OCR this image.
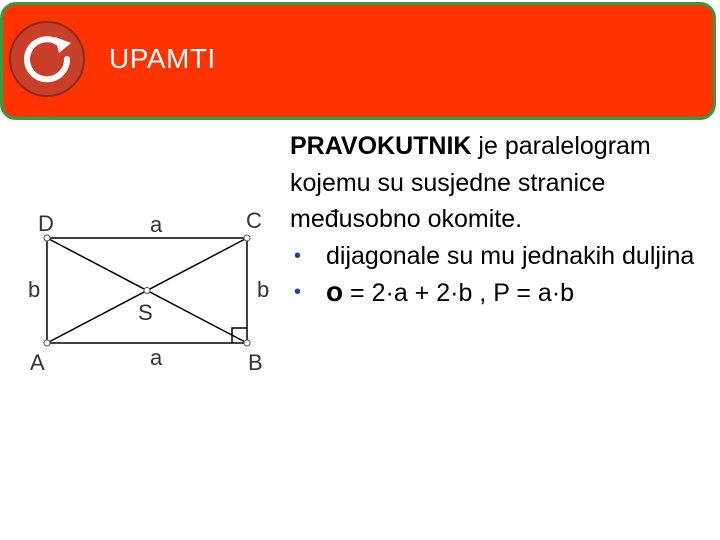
UPAMTI
D	C
A	B
S
a
a
b	b

PRAVOKUTNIK je paralelogram kojemu su susjedne stranice međusobno okomite.

• dijagonale su mu jednakih duljina
• o = 2·a + 2·b , P = a·b
